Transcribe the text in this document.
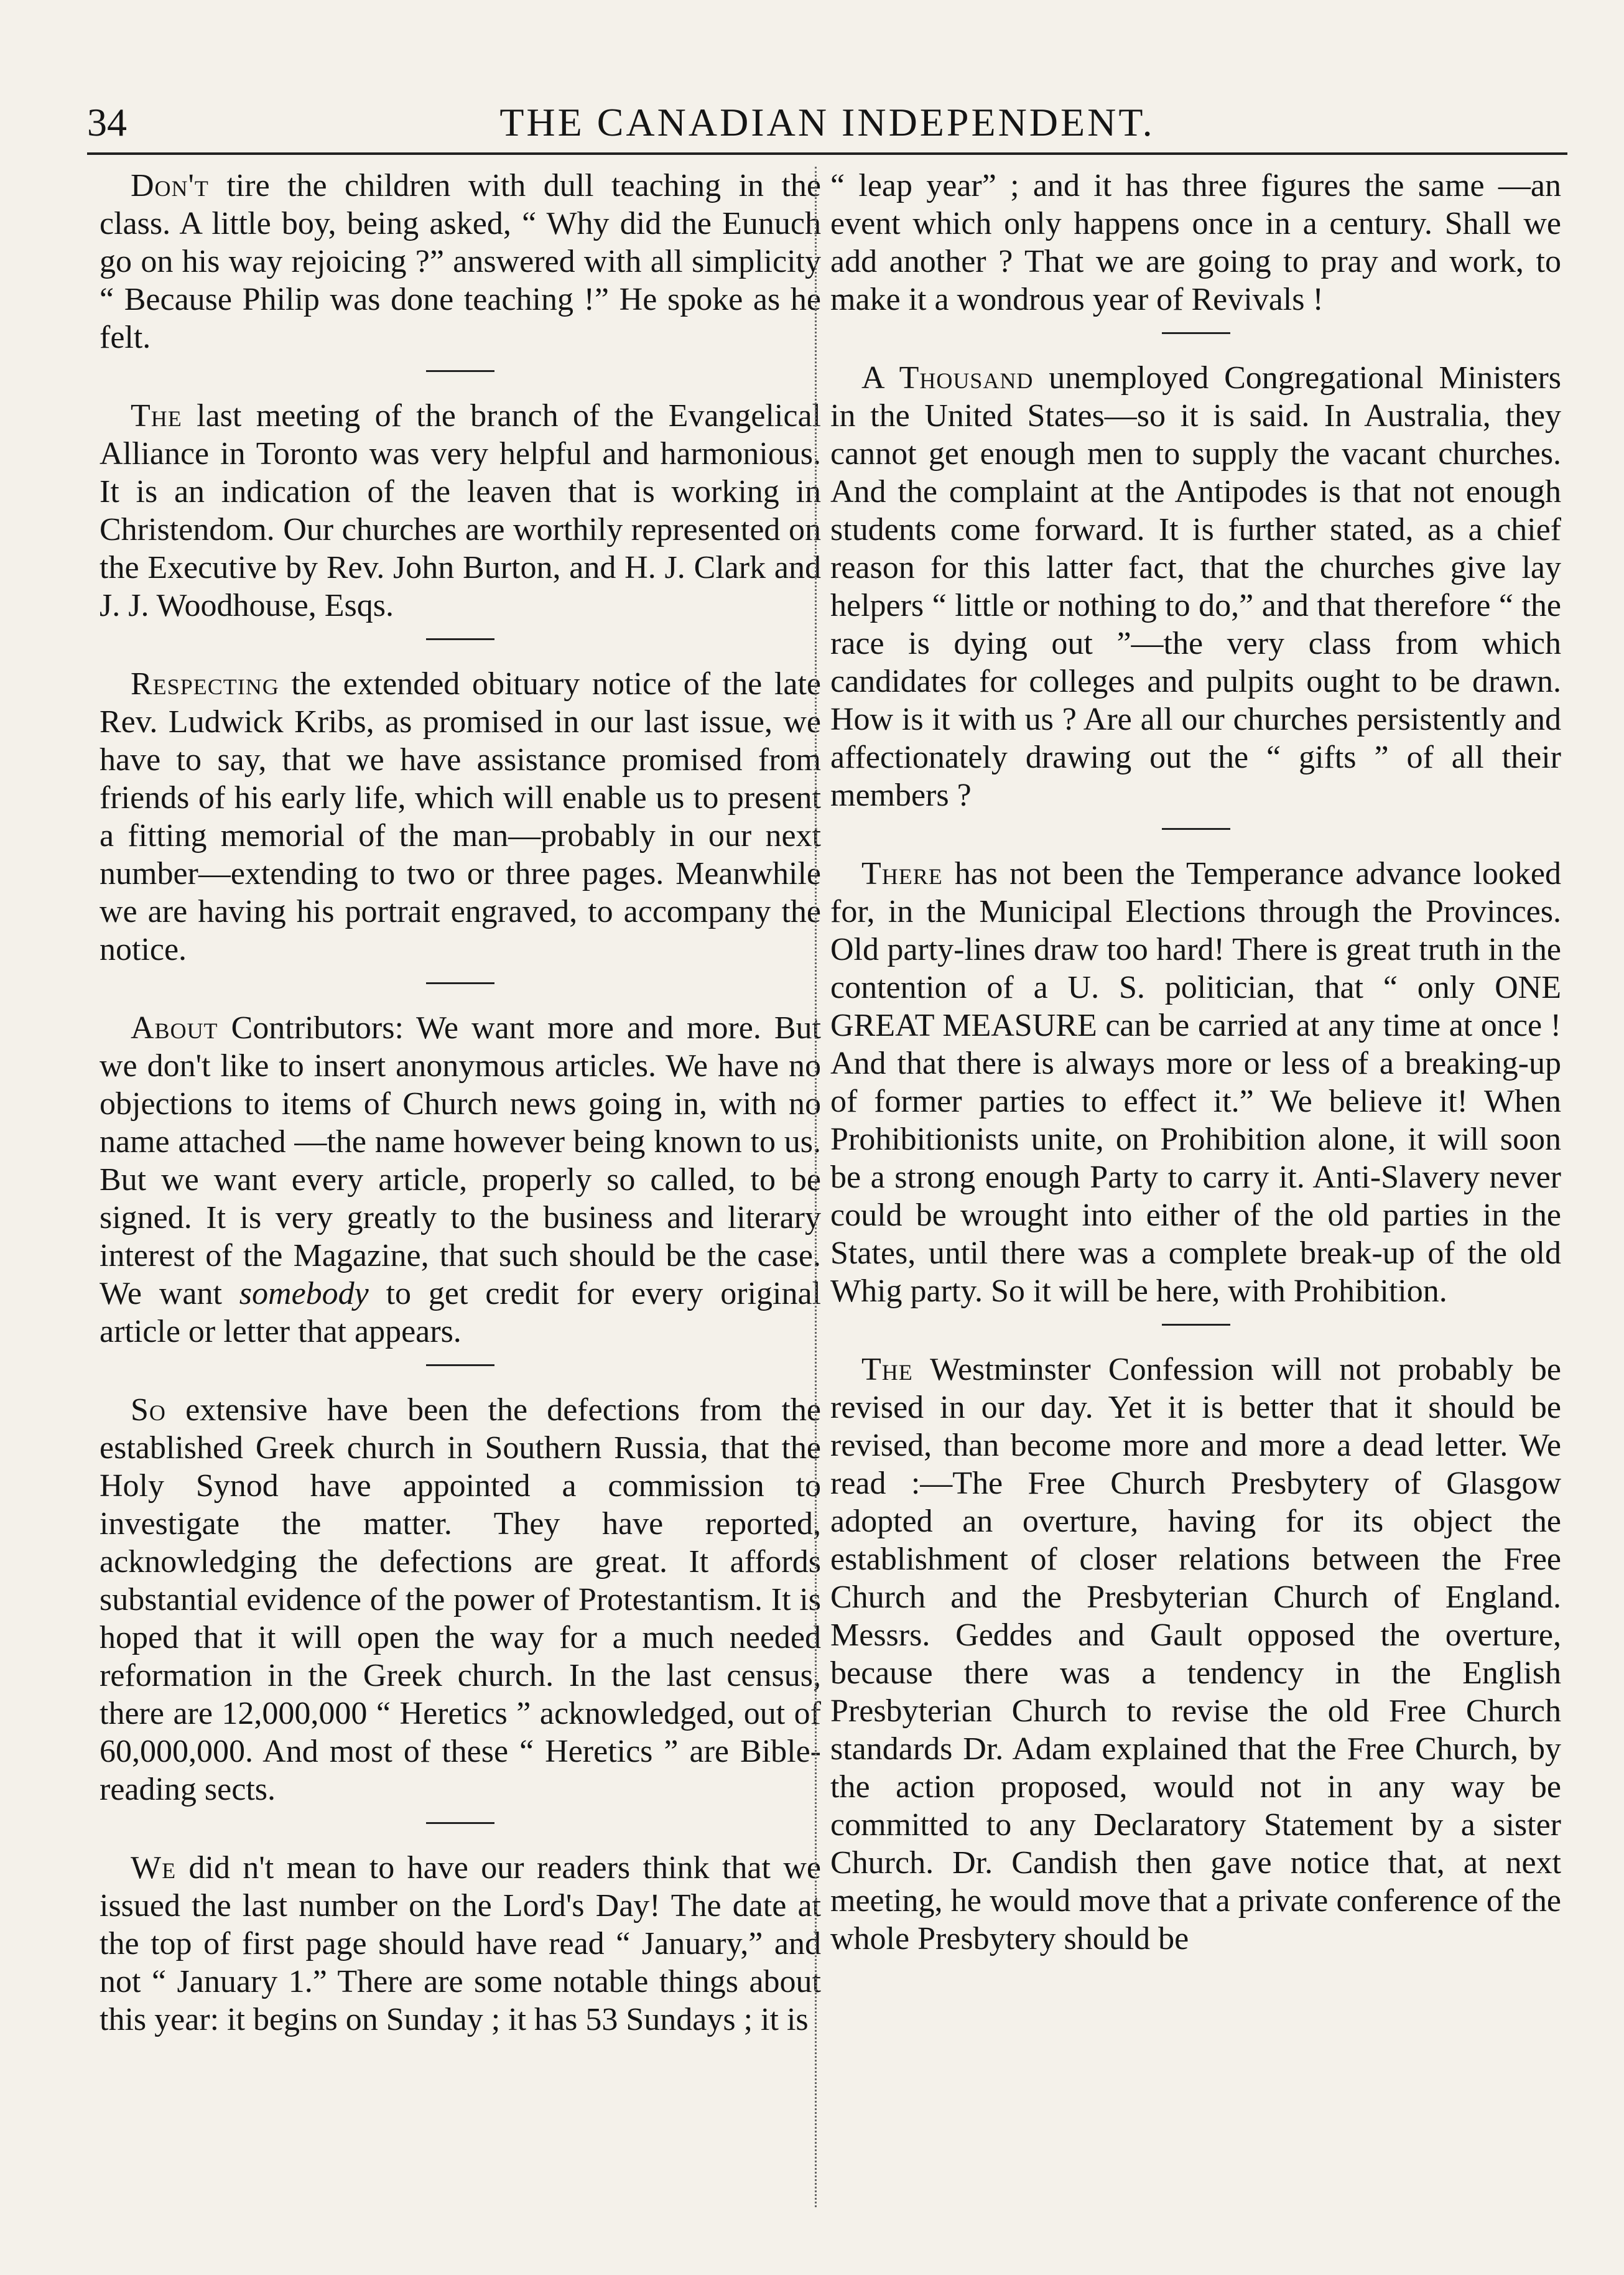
34	THE CANADIAN INDEPENDENT.

Don't tire the children with dull teaching in the class. A little boy, being asked, “ Why did the Eunuch go on his way rejoicing ?” answered with all simplicity “ Because Philip was done teaching !” He spoke as he felt.

The last meeting of the branch of the Evangelical Alliance in Toronto was very helpful and harmonious. It is an indication of the leaven that is working in Christendom. Our churches are worthily represented on the Executive by Rev. John Burton, and H. J. Clark and J. J. Woodhouse, Esqs.

Respecting the extended obituary notice of the late Rev. Ludwick Kribs, as promised in our last issue, we have to say, that we have assistance promised from friends of his early life, which will enable us to present a fitting memorial of the man—probably in our next number—extending to two or three pages. Meanwhile we are having his portrait engraved, to accompany the notice.

About Contributors: We want more and more. But we don't like to insert anonymous articles. We have no objections to items of Church news going in, with no name attached —the name however being known to us. But we want every article, properly so called, to be signed. It is very greatly to the business and literary interest of the Magazine, that such should be the case. We want somebody to get credit for every original article or letter that appears.

So extensive have been the defections from the established Greek church in Southern Russia, that the Holy Synod have appointed a commission to investigate the matter. They have reported, acknowledging the defections are great. It affords substantial evidence of the power of Protestantism. It is hoped that it will open the way for a much needed reformation in the Greek church. In the last census, there are 12,000,000 “ Heretics ” acknowledged, out of 60,000,000. And most of these “ Heretics ” are Bible-reading sects.

We did n't mean to have our readers think that we issued the last number on the Lord's Day! The date at the top of first page should have read “ January,” and not “ January 1.” There are some notable things about this year: it begins on Sunday ; it has 53 Sundays ; it is

“ leap year” ; and it has three figures the same —an event which only happens once in a century. Shall we add another ? That we are going to pray and work, to make it a wondrous year of Revivals !

A Thousand unemployed Congregational Ministers in the United States—so it is said. In Australia, they cannot get enough men to supply the vacant churches. And the complaint at the Antipodes is that not enough students come forward. It is further stated, as a chief reason for this latter fact, that the churches give lay helpers “ little or nothing to do,” and that therefore “ the race is dying out ”—the very class from which candidates for colleges and pulpits ought to be drawn. How is it with us ? Are all our churches persistently and affectionately drawing out the “ gifts ” of all their members ?

There has not been the Temperance advance looked for, in the Municipal Elections through the Provinces. Old party-lines draw too hard! There is great truth in the contention of a U. S. politician, that “ only ONE GREAT MEASURE can be carried at any time at once ! And that there is always more or less of a breaking-up of former parties to effect it.” We believe it! When Prohibitionists unite, on Prohibition alone, it will soon be a strong enough Party to carry it. Anti-Slavery never could be wrought into either of the old parties in the States, until there was a complete break-up of the old Whig party. So it will be here, with Prohibition.

The Westminster Confession will not probably be revised in our day. Yet it is better that it should be revised, than become more and more a dead letter. We read :—The Free Church Presbytery of Glasgow adopted an overture, having for its object the establishment of closer relations between the Free Church and the Presbyterian Church of England. Messrs. Geddes and Gault opposed the overture, because there was a tendency in the English Presbyterian Church to revise the old Free Church standards Dr. Adam explained that the Free Church, by the action proposed, would not in any way be committed to any Declaratory Statement by a sister Church. Dr. Candish then gave notice that, at next meeting, he would move that a private conference of the whole Presbytery should be
